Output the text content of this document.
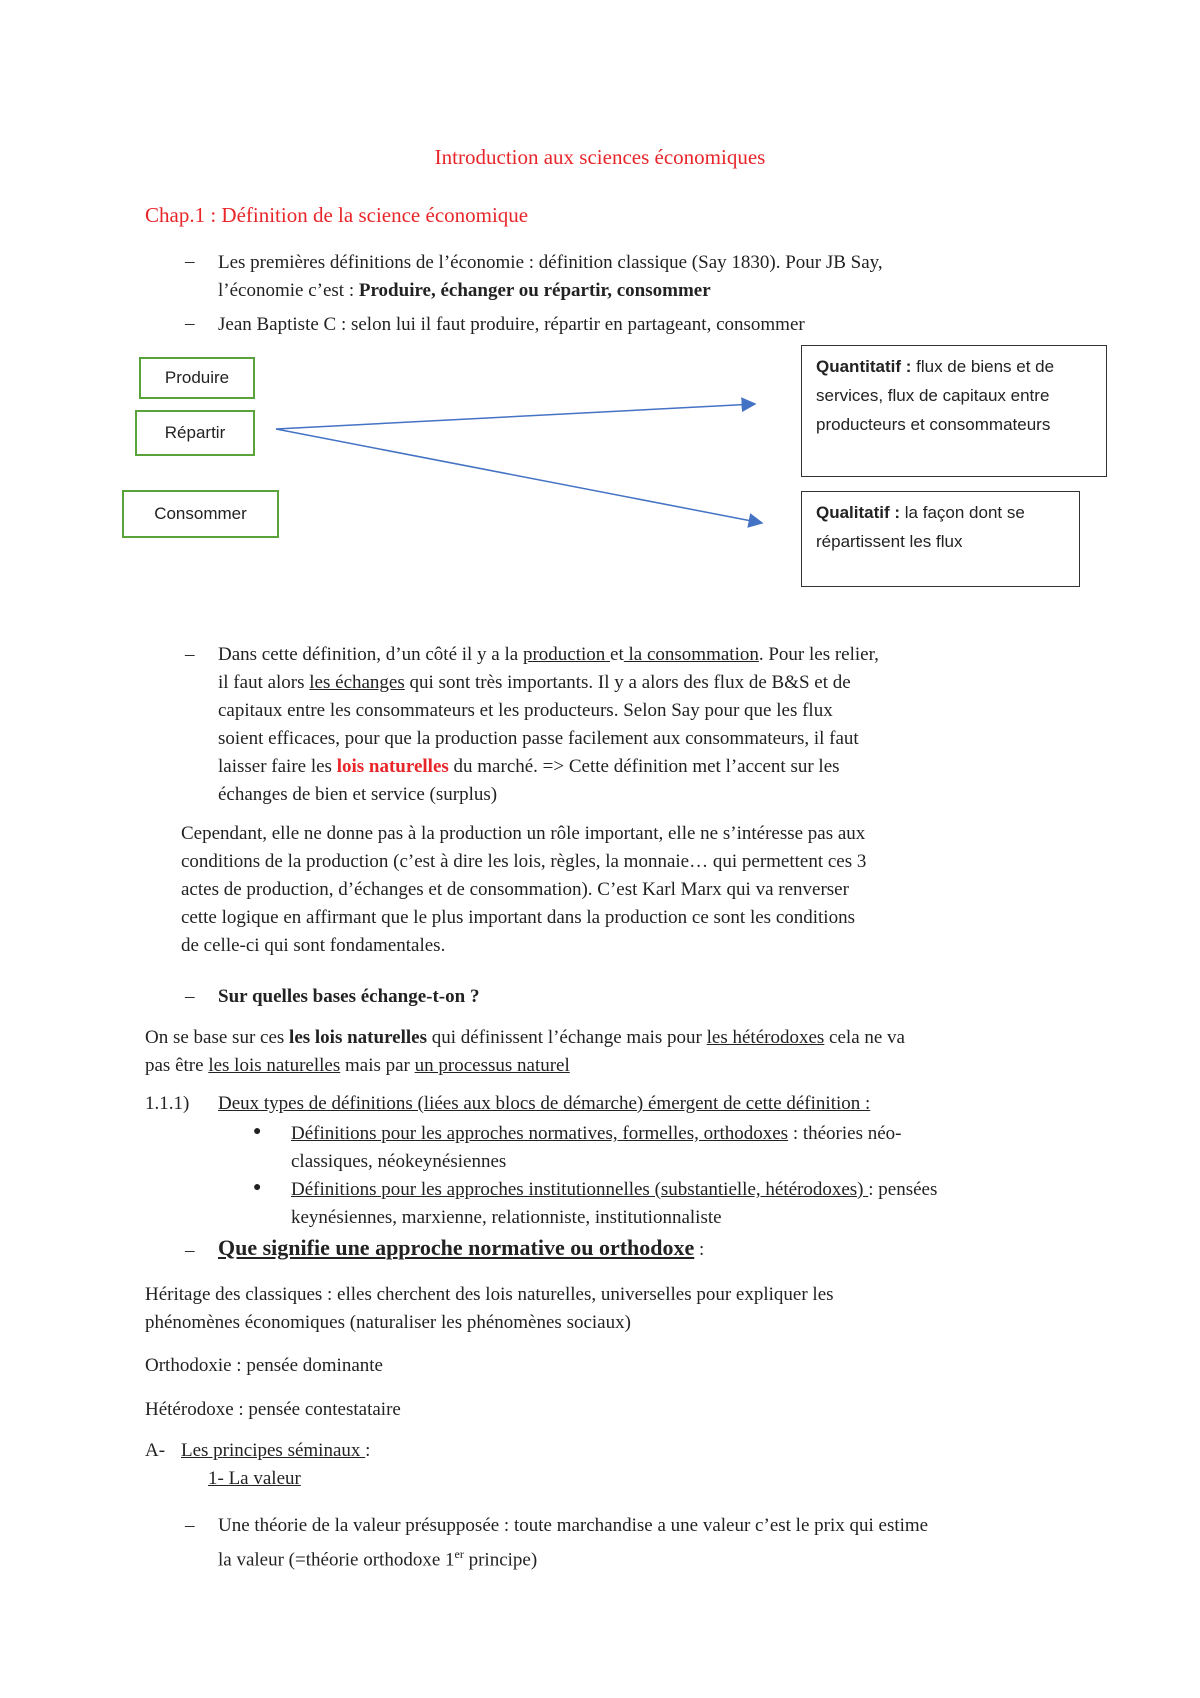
Introduction aux sciences économiques
Chap.1 : Définition de la science économique
– Les premières définitions de l’économie : définition classique (Say 1830). Pour JB Say,
l’économie c’est : Produire, échanger ou répartir, consommer
– Jean Baptiste C : selon lui il faut produire, répartir en partageant, consommer
Produire
Répartir
Consommer
Quantitatif : flux de biens et de services, flux de capitaux entre producteurs et consommateurs
Qualitatif : la façon dont se répartissent les flux
– Dans cette définition, d’un côté il y a la production et la consommation. Pour les relier,
il faut alors les échanges qui sont très importants. Il y a alors des flux de B&S et de
capitaux entre les consommateurs et les producteurs. Selon Say pour que les flux
soient efficaces, pour que la production passe facilement aux consommateurs, il faut
laisser faire les lois naturelles du marché. => Cette définition met l’accent sur les
échanges de bien et service (surplus)
Cependant, elle ne donne pas à la production un rôle important, elle ne s’intéresse pas aux
conditions de la production (c’est à dire les lois, règles, la monnaie… qui permettent ces 3
actes de production, d’échanges et de consommation). C’est Karl Marx qui va renverser
cette logique en affirmant que le plus important dans la production ce sont les conditions
de celle-ci qui sont fondamentales.
– Sur quelles bases échange-t-on ?
On se base sur ces les lois naturelles qui définissent l’échange mais pour les hétérodoxes cela ne va
pas être les lois naturelles mais par un processus naturel
1.1.1) Deux types de définitions (liées aux blocs de démarche) émergent de cette définition :
● Définitions pour les approches normatives, formelles, orthodoxes : théories néo-
classiques, néokeynésiennes
● Définitions pour les approches institutionnelles (substantielle, hétérodoxes) : pensées
keynésiennes, marxienne, relationniste, institutionnaliste
– Que signifie une approche normative ou orthodoxe :
Héritage des classiques : elles cherchent des lois naturelles, universelles pour expliquer les
phénomènes économiques (naturaliser les phénomènes sociaux)
Orthodoxie : pensée dominante
Hétérodoxe : pensée contestataire
A- Les principes séminaux :
1- La valeur
– Une théorie de la valeur présupposée : toute marchandise a une valeur c’est le prix qui estime
la valeur (=théorie orthodoxe 1er principe)
